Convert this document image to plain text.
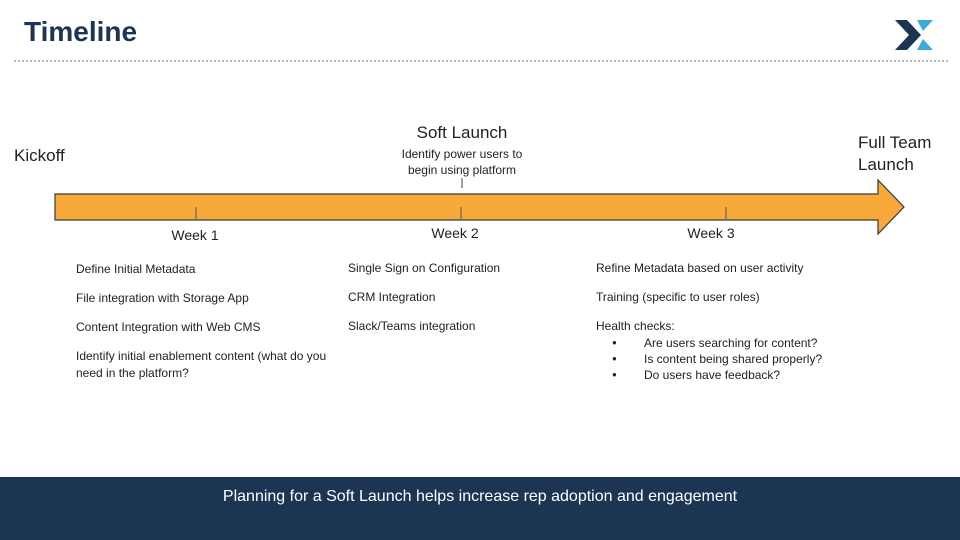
Timeline
Kickoff
Soft Launch
Identify power users to
begin using platform
Full Team
Launch
Week 1	Week 2	Week 3
Define Initial Metadata
File integration with Storage App
Content Integration with Web CMS
Identify initial enablement content (what do you need in the platform?
Single Sign on Configuration
CRM Integration
Slack/Teams integration
Refine Metadata based on user activity
Training (specific to user roles)
Health checks:
● Are users searching for content?
● Is content being shared properly?
● Do users have feedback?
Planning for a Soft Launch helps increase rep adoption and engagement
